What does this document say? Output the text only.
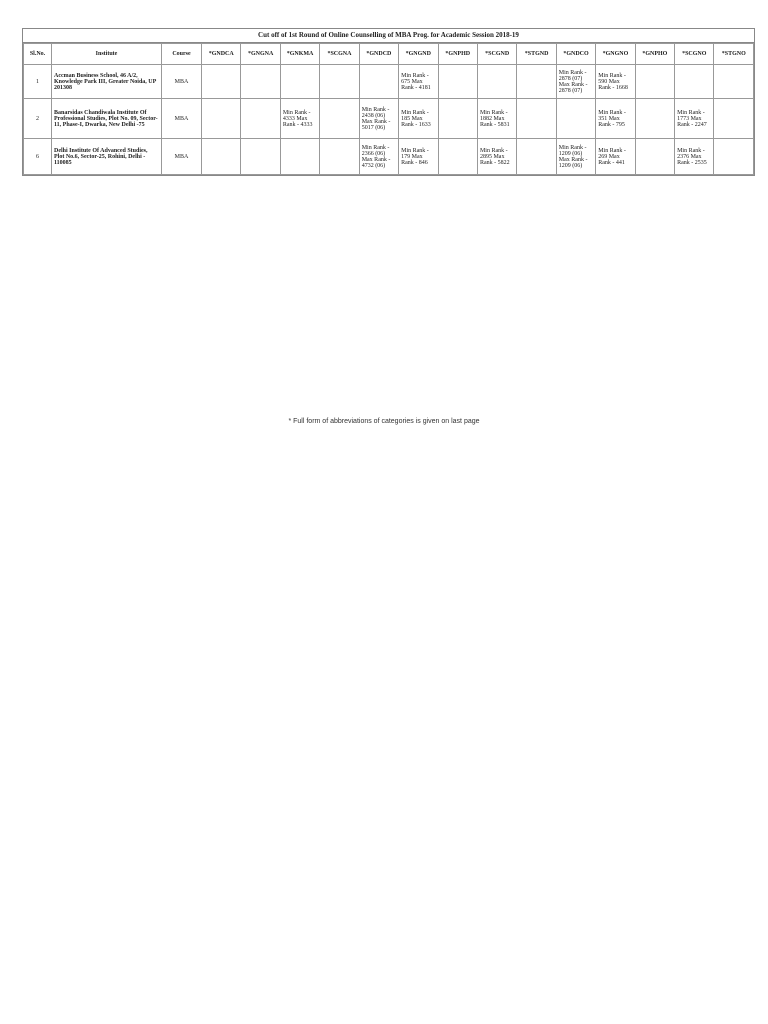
Cut off of 1st Round of Online Counselling of MBA Prog. for Academic Session 2018-19
Sl.No.	Institute	Course	*GNDCA	*GNGNA	*GNKMA	*SCGNA	*GNDCD	*GNGND	*GNPHD	*SCGND	*STGND	*GNDCO	*GNGNO	*GNPHO	*SCGNO	*STGNO
1	Accman Business School, 46 A/2, Knowledge Park III, Greater Noida, UP 201308	MBA						Min Rank - 675 Max Rank - 4181				Min Rank - 2878 (07) Max Rank - 2878 (07)	Min Rank - 590 Max Rank - 1668			
2	Banarsidas Chandiwala Institute Of Professional Studies, Plot No. 09, Sector-11, Phase-I, Dwarka, New Delhi -75	MBA			Min Rank - 4333 Max Rank - 4333		Min Rank - 2438 (06) Max Rank - 5017 (06)	Min Rank - 185 Max Rank - 1633		Min Rank - 1882 Max Rank - 5831			Min Rank - 351 Max Rank - 795		Min Rank - 1773 Max Rank - 2247	
6	Delhi Institute Of Advanced Studies, Plot No.6, Sector-25, Rohini, Delhi - 110085	MBA					Min Rank - 2366 (06) Max Rank - 4732 (06)	Min Rank - 179 Max Rank - 846		Min Rank - 2895 Max Rank - 5822		Min Rank - 1209 (06) Max Rank - 1209 (06)	Min Rank - 269 Max Rank - 441		Min Rank - 2376 Max Rank - 2535	
* Full form of abbreviations of categories is given on last page
